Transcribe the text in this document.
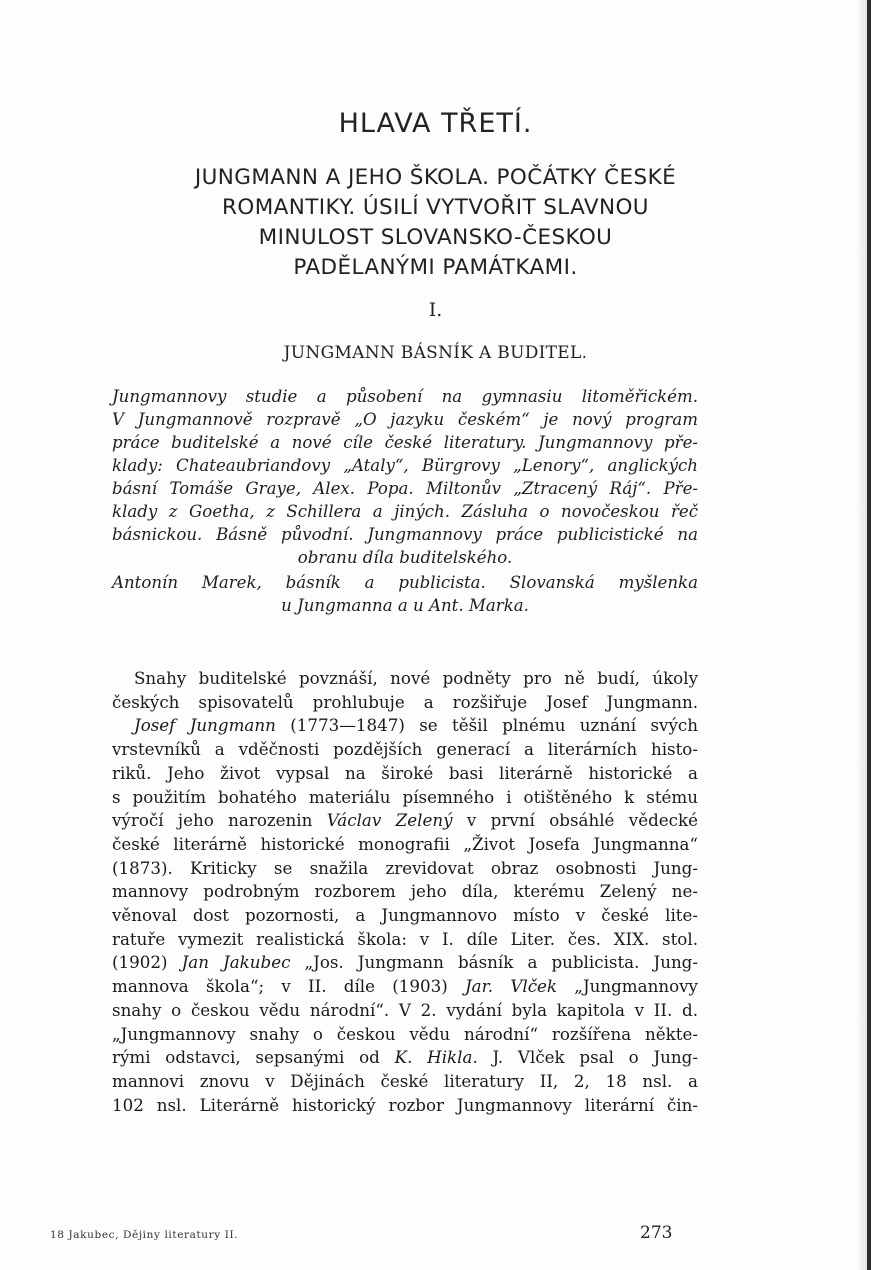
HLAVA TŘETÍ.
JUNGMANN A JEHO ŠKOLA. POČÁTKY ČESKÉ
ROMANTIKY. ÚSILÍ VYTVOŘIT SLAVNOU
MINULOST SLOVANSKO-ČESKOU
PADĚLANÝMI PAMÁTKAMI.
I.
JUNGMANN BÁSNÍK A BUDITEL.
Jungmannovy studie a působení na gymnasiu litoměřickém.
V Jungmannově rozpravě „O jazyku českém“ je nový program
práce buditelské a nové cíle české literatury. Jungmannovy pře-
klady: Chateaubriandovy „Ataly“, Bürgrovy „Lenory“, anglických
básní Tomáše Graye, Alex. Popa. Miltonův „Ztracený Ráj“. Pře-
klady z Goetha, z Schillera a jiných. Zásluha o novočeskou řeč
básnickou. Básně původní. Jungmannovy práce publicistické na
obranu díla buditelského.
Antonín Marek, básník a publicista. Slovanská myšlenka
u Jungmanna a u Ant. Marka.
Snahy buditelské povznáší, nové podněty pro ně budí, úkoly
českých spisovatelů prohlubuje a rozšiřuje Josef Jungmann.
Josef Jungmann (1773—1847) se těšil plnému uznání svých
vrstevníků a vděčnosti pozdějších generací a literárních histo-
riků. Jeho život vypsal na široké basi literárně historické a
s použitím bohatého materiálu písemného i otištěného k stému
výročí jeho narozenin Václav Zelený v první obsáhlé vědecké
české literárně historické monografii „Život Josefa Jungmanna“
(1873). Kriticky se snažila zrevidovat obraz osobnosti Jung-
mannovy podrobným rozborem jeho díla, kterému Zelený ne-
věnoval dost pozornosti, a Jungmannovo místo v české lite-
ratuře vymezit realistická škola: v I. díle Liter. čes. XIX. stol.
(1902) Jan Jakubec „Jos. Jungmann básník a publicista. Jung-
mannova škola“; v II. díle (1903) Jar. Vlček „Jungmannovy
snahy o českou vědu národní“. V 2. vydání byla kapitola v II. d.
„Jungmannovy snahy o českou vědu národní“ rozšířena někte-
rými odstavci, sepsanými od K. Hikla. J. Vlček psal o Jung-
mannovi znovu v Dějinách české literatury II, 2, 18 nsl. a
102 nsl. Literárně historický rozbor Jungmannovy literární čin-
18 Jakubec, Dějiny literatury II.	273
